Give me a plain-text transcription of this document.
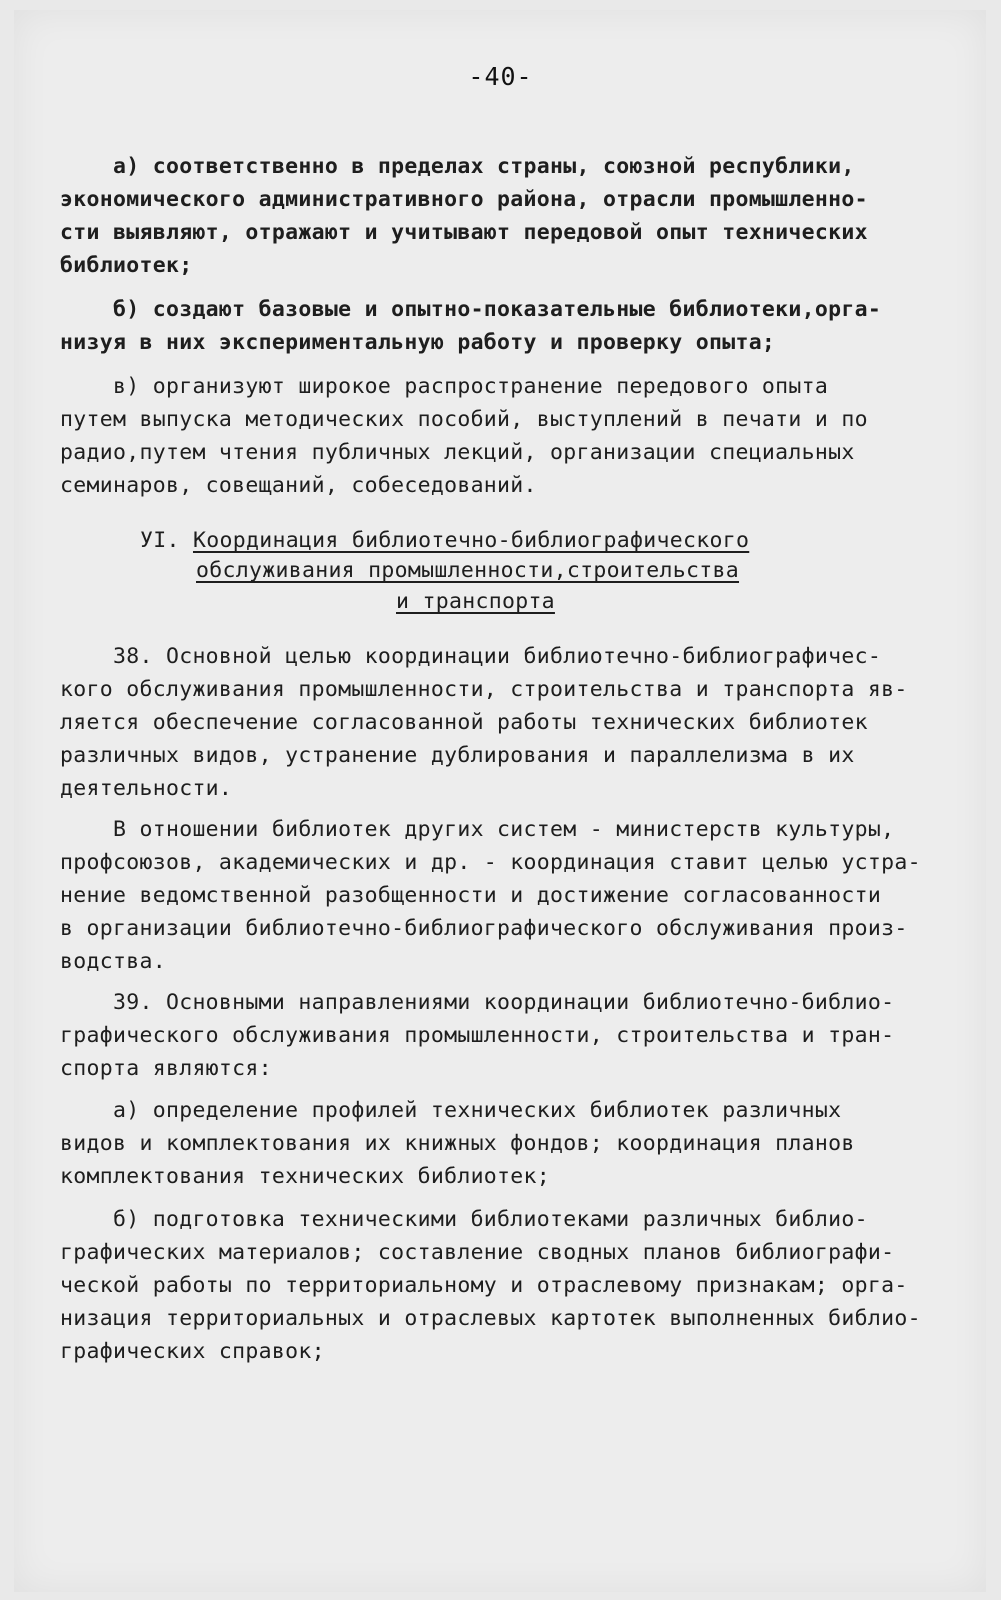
-40-
а) соответственно в пределах страны, союзной республики,
экономического административного района, отрасли промышленно-
сти выявляют, отражают и учитывают передовой опыт технических
библиотек;
б) создают базовые и опытно-показательные библиотеки,орга-
низуя в них экспериментальную работу и проверку опыта;
в) организуют широкое распространение передового опыта
путем выпуска методических пособий, выступлений в печати и по
радио,путем чтения публичных лекций, организации специальных
семинаров, совещаний, собеседований.
УI. Координация библиотечно-библиографического
обслуживания промышленности,строительства
и транспорта
38. Основной целью координации библиотечно-библиографичес-
кого обслуживания промышленности, строительства и транспорта яв-
ляется обеспечение согласованной работы технических библиотек
различных видов, устранение дублирования и параллелизма в их
деятельности.
В отношении библиотек других систем - министерств культуры,
профсоюзов, академических и др. - координация ставит целью устра-
нение ведомственной разобщенности и достижение согласованности
в организации библиотечно-библиографического обслуживания произ-
водства.
39. Основными направлениями координации библиотечно-библио-
графического обслуживания промышленности, строительства и тран-
спорта являются:
а) определение профилей технических библиотек различных
видов и комплектования их книжных фондов; координация планов
комплектования технических библиотек;
б) подготовка техническими библиотеками различных библио-
графических материалов; составление сводных планов библиографи-
ческой работы по территориальному и отраслевому признакам; орга-
низация территориальных и отраслевых картотек выполненных библио-
графических справок;
